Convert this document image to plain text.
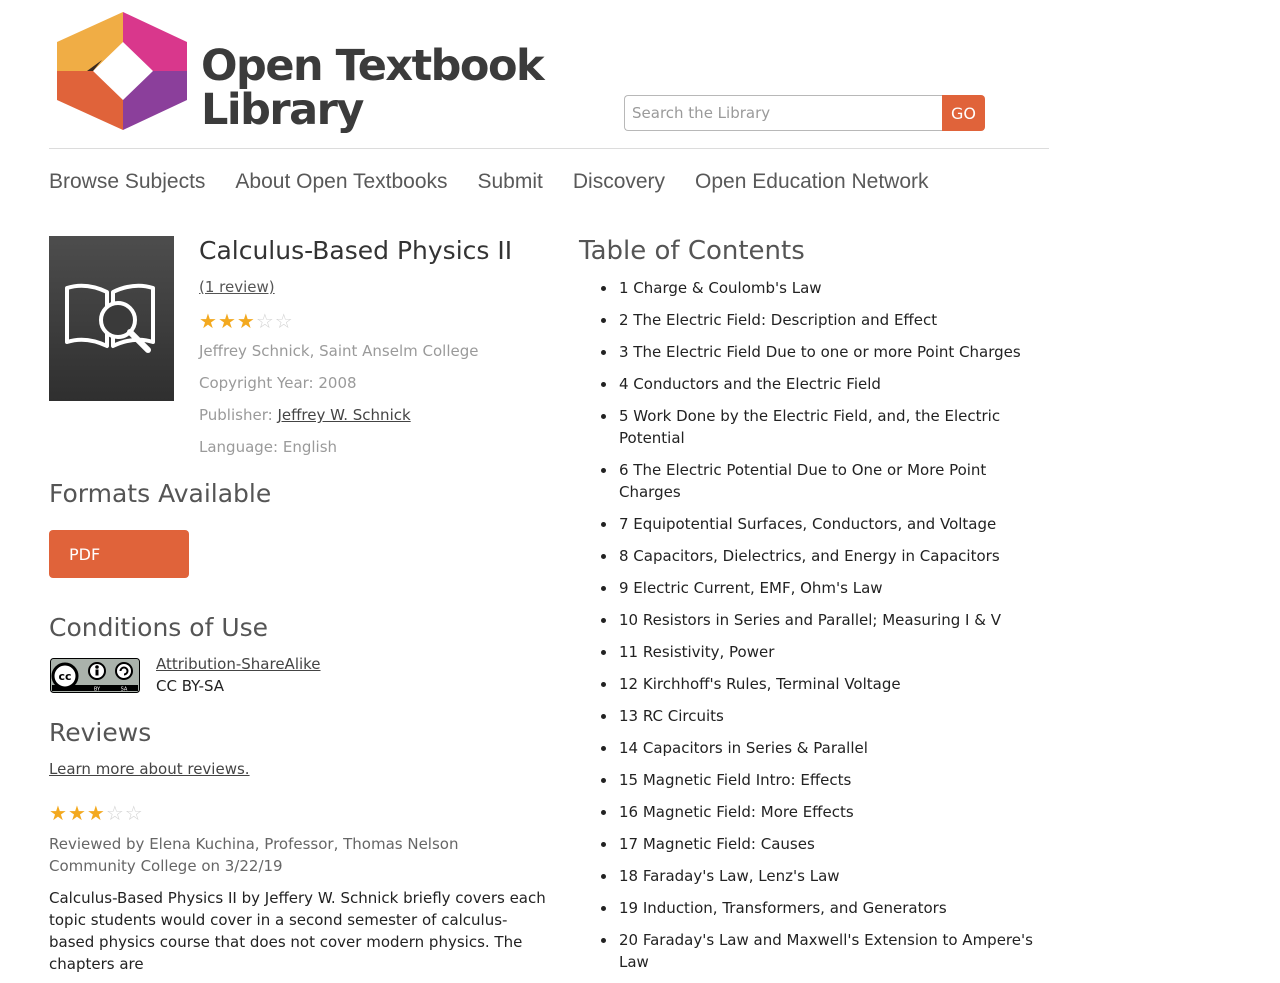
Open Textbook
Library
Search the Library	GO
Browse Subjects About Open Textbooks Submit Discovery Open Education Network
Calculus-Based Physics II
(1 review)
★ ★ ★ ☆ ☆
Jeffrey Schnick, Saint Anselm College
Copyright Year: 2008
Publisher: Jeffrey W. Schnick
Language: English
Formats Available
PDF
Conditions of Use
cc
BY	SA
Attribution-ShareAlike
CC BY-SA
Reviews
Learn more about reviews.
★ ★ ★ ☆ ☆
Reviewed by Elena Kuchina, Professor, Thomas Nelson Community College on 3/22/19
Calculus-Based Physics II by Jeffery W. Schnick briefly covers each topic students would cover in a second semester of calculus-based physics course that does not cover modern physics. The chapters are
Table of Contents
1 Charge & Coulomb's Law
2 The Electric Field: Description and Effect
3 The Electric Field Due to one or more Point Charges
4 Conductors and the Electric Field
5 Work Done by the Electric Field, and, the Electric Potential
6 The Electric Potential Due to One or More Point Charges
7 Equipotential Surfaces, Conductors, and Voltage
8 Capacitors, Dielectrics, and Energy in Capacitors
9 Electric Current, EMF, Ohm's Law
10 Resistors in Series and Parallel; Measuring I & V
11 Resistivity, Power
12 Kirchhoff's Rules, Terminal Voltage
13 RC Circuits
14 Capacitors in Series & Parallel
15 Magnetic Field Intro: Effects
16 Magnetic Field: More Effects
17 Magnetic Field: Causes
18 Faraday's Law, Lenz's Law
19 Induction, Transformers, and Generators
20 Faraday's Law and Maxwell's Extension to Ampere's Law
